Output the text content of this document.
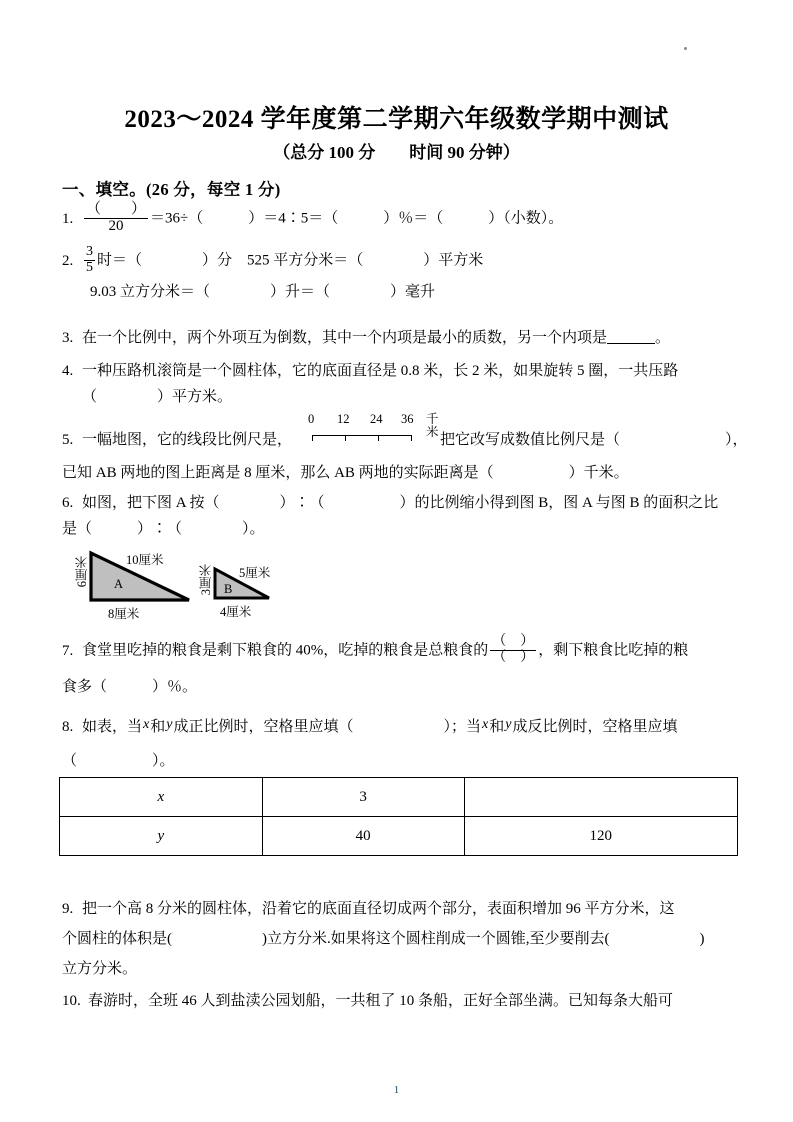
2023～2024 学年度第二学期六年级数学期中测试
（总分 100 分　　时间 90 分钟）
一、填空。(26 分，每空 1 分)
1. $\frac{( )}{20} =36\div$（　　　）＝4∶5＝（　　　）％＝（　　　）（小数）。
2. $\frac{3}{5}$ 时＝（　　　　）分　525 平方分米＝（　　　　）平方米
9.03 立方分米＝（　　　　）升＝（　　　　）毫升
3. 在一个比例中，两个外项互为倒数，其中一个内项是最小的质数，另一个内项是	。
4. 一种压路机滚筒是一个圆柱体，它的底面直径是 0.8 米，长 2 米，如果旋转 5 圈，一共压路
（　　　　）平方米。
5. 一幅地图，它的线段比例尺是，	把它改写成数值比例尺是（　　　　　　　），
0 12 24 36 千米
已知 AB 两地的图上距离是 8 厘米，那么 AB 两地的实际距离是（　　　　　）千米。
6. 如图，把下图 A 按（　　　　）∶（　　　　　）的比例缩小得到图 B，图 A 与图 B 的面积之比
是（　　　）∶（　　　　）。
A
10厘米
8厘米
6厘米
B
5厘米
4厘米
3厘米
7. 食堂里吃掉的粮食是剩下粮食的 40%，吃掉的粮食是总粮食的 $\frac{( )}{( )}$ ，剩下粮食比吃掉的粮
食多（　　　）％。
8. 如表，当x和y成正比例时，空格里应填（　　　　　　）；当x和y成反比例时，空格里应填
（　　　　　）。
x	3	
y	40	120
9. 把一个高 8 分米的圆柱体，沿着它的底面直径切成两个部分，表面积增加 96 平方分米，这
个圆柱的体积是(　　　　　　)立方分米.如果将这个圆柱削成一个圆锥,至少要削去(　　　　　　)
立方分米。
10. 春游时，全班 46 人到盐渎公园划船，一共租了 10 条船，正好全部坐满。已知每条大船可
1
